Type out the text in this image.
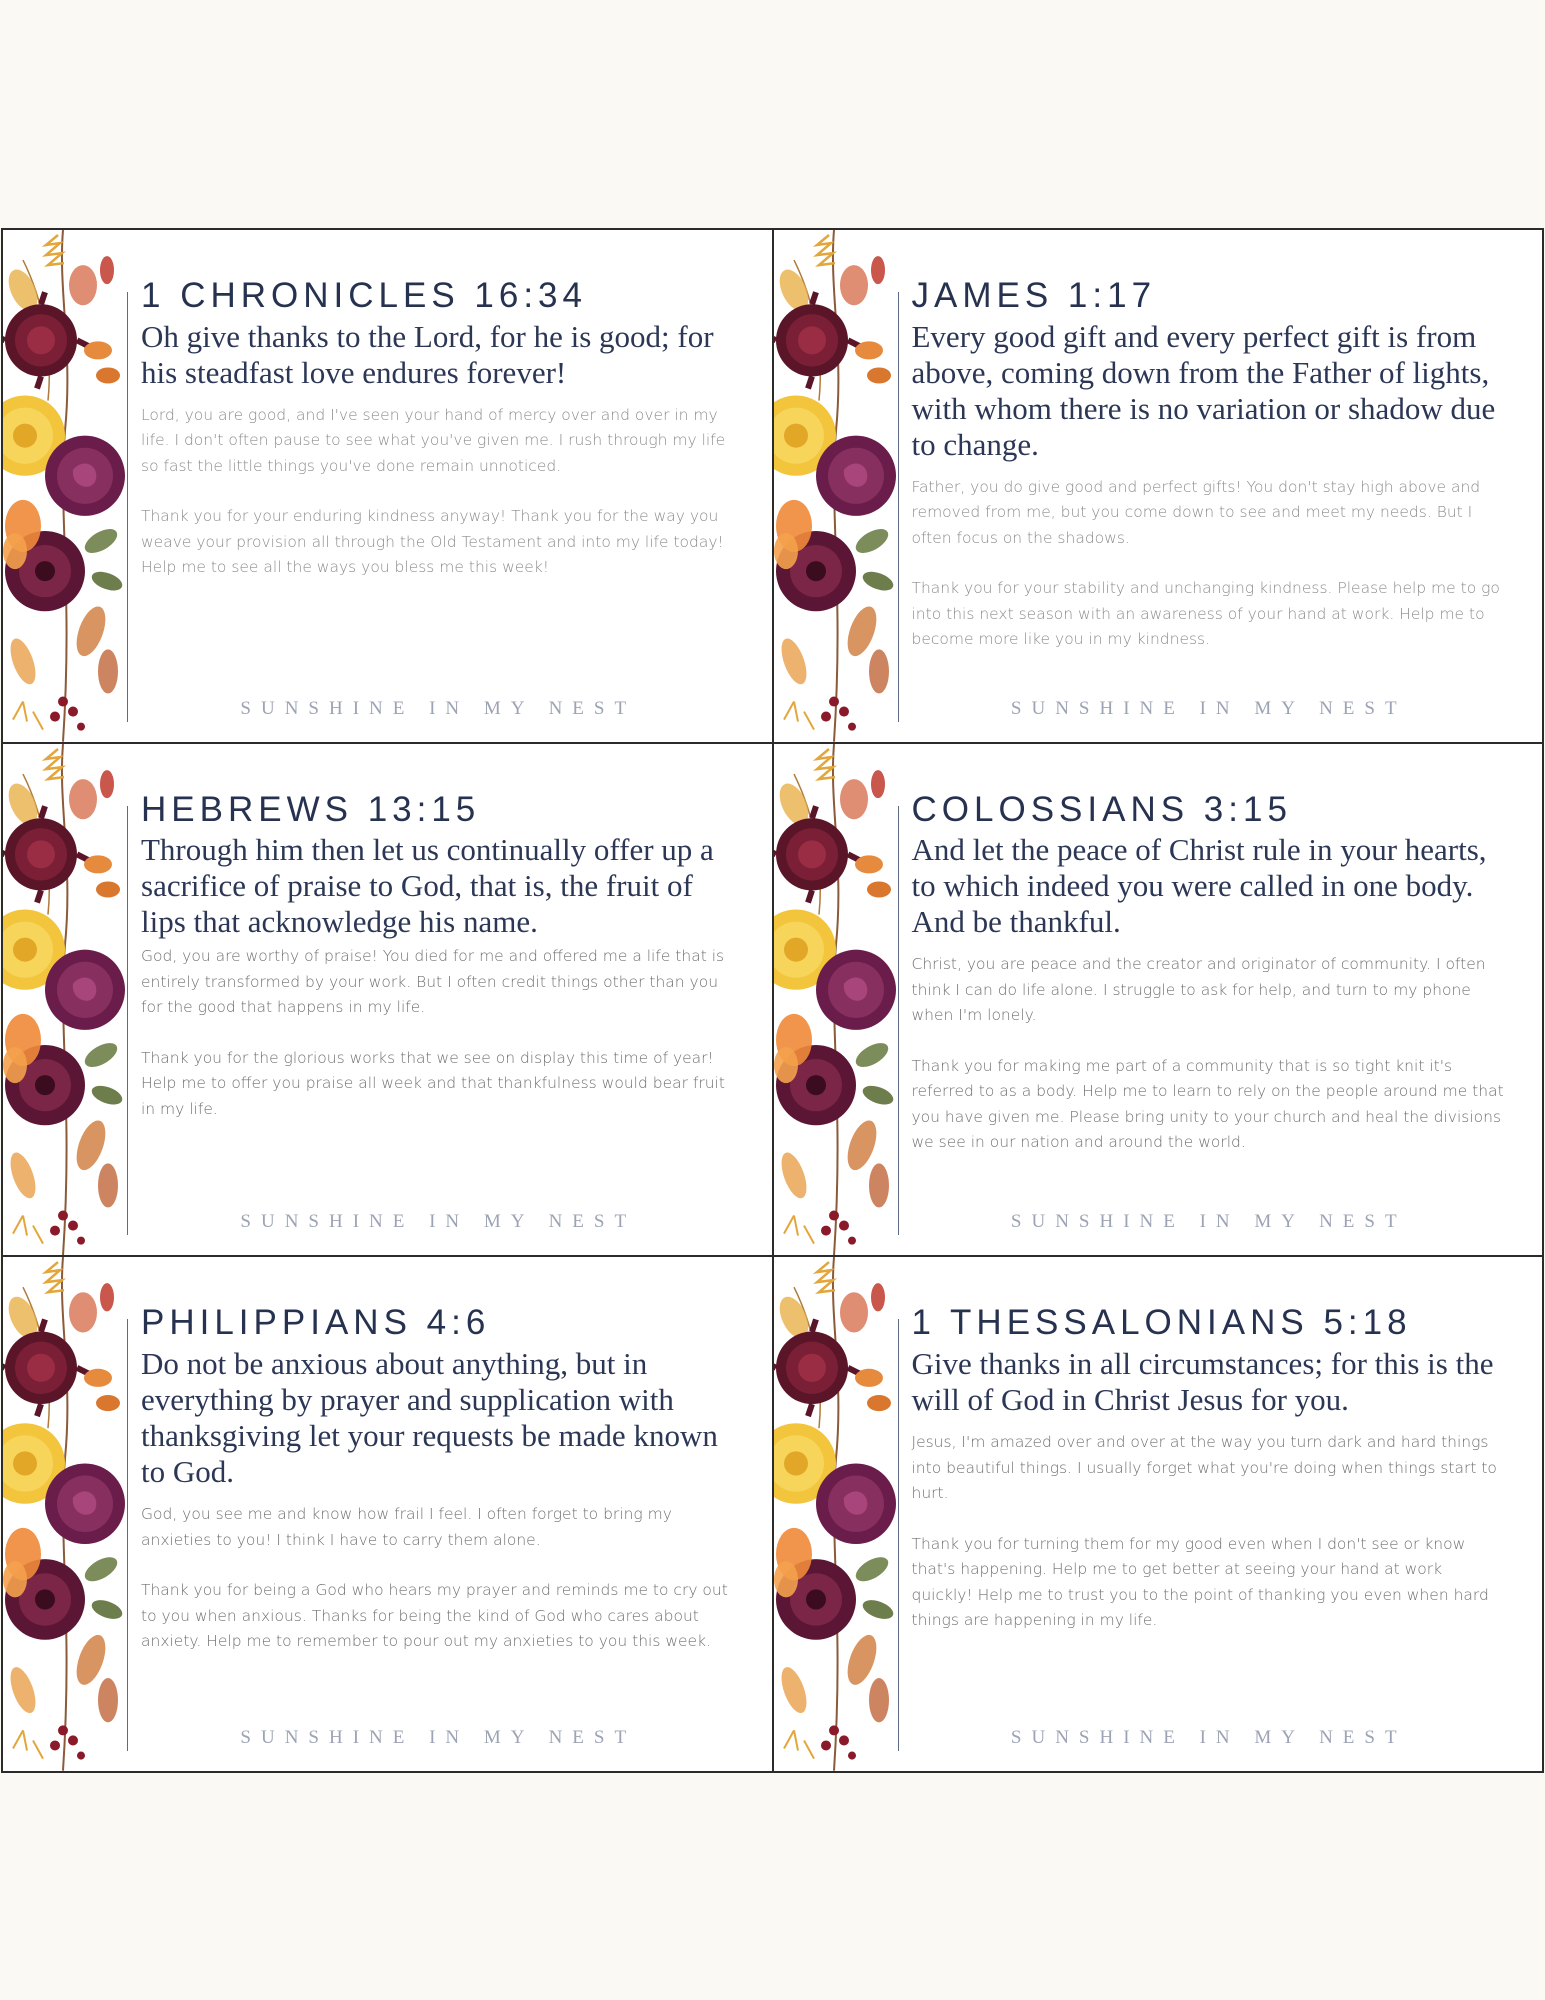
1 CHRONICLES 16:34
Oh give thanks to the Lord, for he is good; for his steadfast love endures forever!
Lord, you are good, and I've seen your hand of mercy over and over in my life. I don't often pause to see what you've given me. I rush through my life so fast the little things you've done remain unnoticed.
Thank you for your enduring kindness anyway! Thank you for the way you weave your provision all through the Old Testament and into my life today! Help me to see all the ways you bless me this week!
SUNSHINE IN MY NEST
JAMES 1:17
Every good gift and every perfect gift is from above, coming down from the Father of lights, with whom there is no variation or shadow due to change.
Father, you do give good and perfect gifts! You don't stay high above and removed from me, but you come down to see and meet my needs. But I often focus on the shadows.
Thank you for your stability and unchanging kindness. Please help me to go into this next season with an awareness of your hand at work. Help me to become more like you in my kindness.
SUNSHINE IN MY NEST
HEBREWS 13:15
Through him then let us continually offer up a sacrifice of praise to God, that is, the fruit of lips that acknowledge his name.
God, you are worthy of praise! You died for me and offered me a life that is entirely transformed by your work. But I often credit things other than you for the good that happens in my life.
Thank you for the glorious works that we see on display this time of year! Help me to offer you praise all week and that thankfulness would bear fruit in my life.
SUNSHINE IN MY NEST
COLOSSIANS 3:15
And let the peace of Christ rule in your hearts, to which indeed you were called in one body. And be thankful.
Christ, you are peace and the creator and originator of community. I often think I can do life alone. I struggle to ask for help, and turn to my phone when I'm lonely.
Thank you for making me part of a community that is so tight knit it's referred to as a body. Help me to learn to rely on the people around me that you have given me. Please bring unity to your church and heal the divisions we see in our nation and around the world.
SUNSHINE IN MY NEST
PHILIPPIANS 4:6
Do not be anxious about anything, but in everything by prayer and supplication with thanksgiving let your requests be made known to God.
God, you see me and know how frail I feel. I often forget to bring my anxieties to you! I think I have to carry them alone.
Thank you for being a God who hears my prayer and reminds me to cry out to you when anxious. Thanks for being the kind of God who cares about anxiety. Help me to remember to pour out my anxieties to you this week.
SUNSHINE IN MY NEST
1 THESSALONIANS 5:18
Give thanks in all circumstances; for this is the will of God in Christ Jesus for you.
Jesus, I'm amazed over and over at the way you turn dark and hard things into beautiful things. I usually forget what you're doing when things start to hurt.
Thank you for turning them for my good even when I don't see or know that's happening. Help me to get better at seeing your hand at work quickly! Help me to trust you to the point of thanking you even when hard things are happening in my life.
SUNSHINE IN MY NEST
